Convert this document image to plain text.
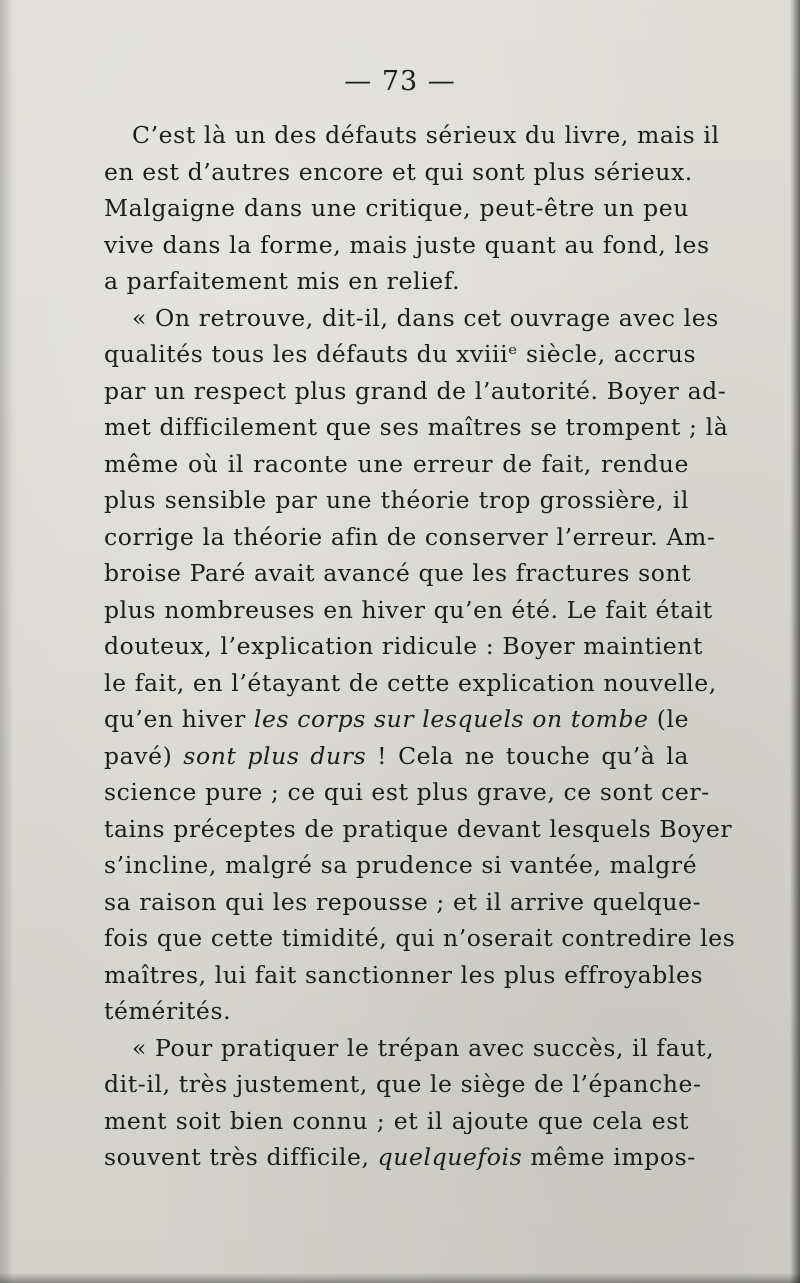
— 73 —
C’est là un des défauts sérieux du livre, mais il
en est d’autres encore et qui sont plus sérieux.
Malgaigne dans une critique, peut-être un peu
vive dans la forme, mais juste quant au fond, les
a parfaitement mis en relief.
« On retrouve, dit-il, dans cet ouvrage avec les
qualités tous les défauts du xviiiᵉ siècle, accrus
par un respect plus grand de l’autorité. Boyer ad-
met difficilement que ses maîtres se trompent ; là
même où il raconte une erreur de fait, rendue
plus sensible par une théorie trop grossière, il
corrige la théorie afin de conserver l’erreur. Am-
broise Paré avait avancé que les fractures sont
plus nombreuses en hiver qu’en été. Le fait était
douteux, l’explication ridicule : Boyer maintient
le fait, en l’étayant de cette explication nouvelle,
qu’en hiver les corps sur lesquels on tombe (le
pavé) sont plus durs ! Cela ne touche qu’à la
science pure ; ce qui est plus grave, ce sont cer-
tains préceptes de pratique devant lesquels Boyer
s’incline, malgré sa prudence si vantée, malgré
sa raison qui les repousse ; et il arrive quelque-
fois que cette timidité, qui n’oserait contredire les
maîtres, lui fait sanctionner les plus effroyables
témérités.
« Pour pratiquer le trépan avec succès, il faut,
dit-il, très justement, que le siège de l’épanche-
ment soit bien connu ; et il ajoute que cela est
souvent très difficile, quelquefois même impos-
